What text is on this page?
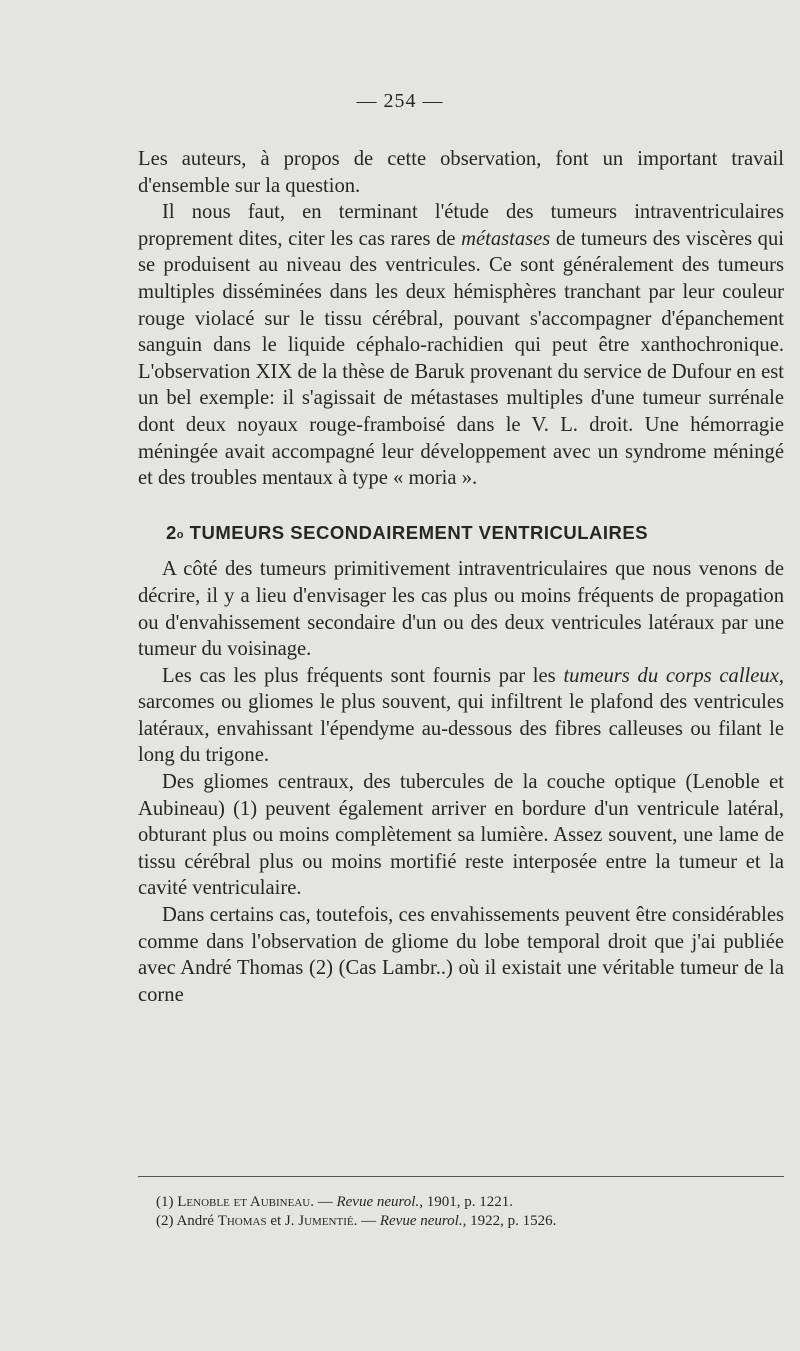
— 254 —

Les auteurs, à propos de cette observation, font un important travail d'ensemble sur la question.

Il nous faut, en terminant l'étude des tumeurs intraventriculaires proprement dites, citer les cas rares de métastases de tumeurs des viscères qui se produisent au niveau des ventricules. Ce sont généralement des tumeurs multiples disséminées dans les deux hémisphères tranchant par leur couleur rouge violacé sur le tissu cérébral, pouvant s'accompagner d'épanchement sanguin dans le liquide céphalo-rachidien qui peut être xanthochronique. L'observation XIX de la thèse de Baruk provenant du service de Dufour en est un bel exemple: il s'agissait de métastases multiples d'une tumeur surrénale dont deux noyaux rouge-framboisé dans le V. L. droit. Une hémorragie méningée avait accompagné leur développement avec un syndrome méningé et des troubles mentaux à type « moria ».

2$^o$ TUMEURS SECONDAIREMENT VENTRICULAIRES

A côté des tumeurs primitivement intraventriculaires que nous venons de décrire, il y a lieu d'envisager les cas plus ou moins fréquents de propagation ou d'envahissement secondaire d'un ou des deux ventricules latéraux par une tumeur du voisinage.

Les cas les plus fréquents sont fournis par les tumeurs du corps calleux, sarcomes ou gliomes le plus souvent, qui infiltrent le plafond des ventricules latéraux, envahissant l'épendyme au-dessous des fibres calleuses ou filant le long du trigone.

Des gliomes centraux, des tubercules de la couche optique (Lenoble et Aubineau) (1) peuvent également arriver en bordure d'un ventricule latéral, obturant plus ou moins complètement sa lumière. Assez souvent, une lame de tissu cérébral plus ou moins mortifié reste interposée entre la tumeur et la cavité ventriculaire.

Dans certains cas, toutefois, ces envahissements peuvent être considérables comme dans l'observation de gliome du lobe temporal droit que j'ai publiée avec André Thomas (2) (Cas Lambr..) où il existait une véritable tumeur de la corne

(1) Lenoble et Aubineau. — Revue neurol., 1901, p. 1221.
(2) André Thomas et J. Jumentié. — Revue neurol., 1922, p. 1526.
